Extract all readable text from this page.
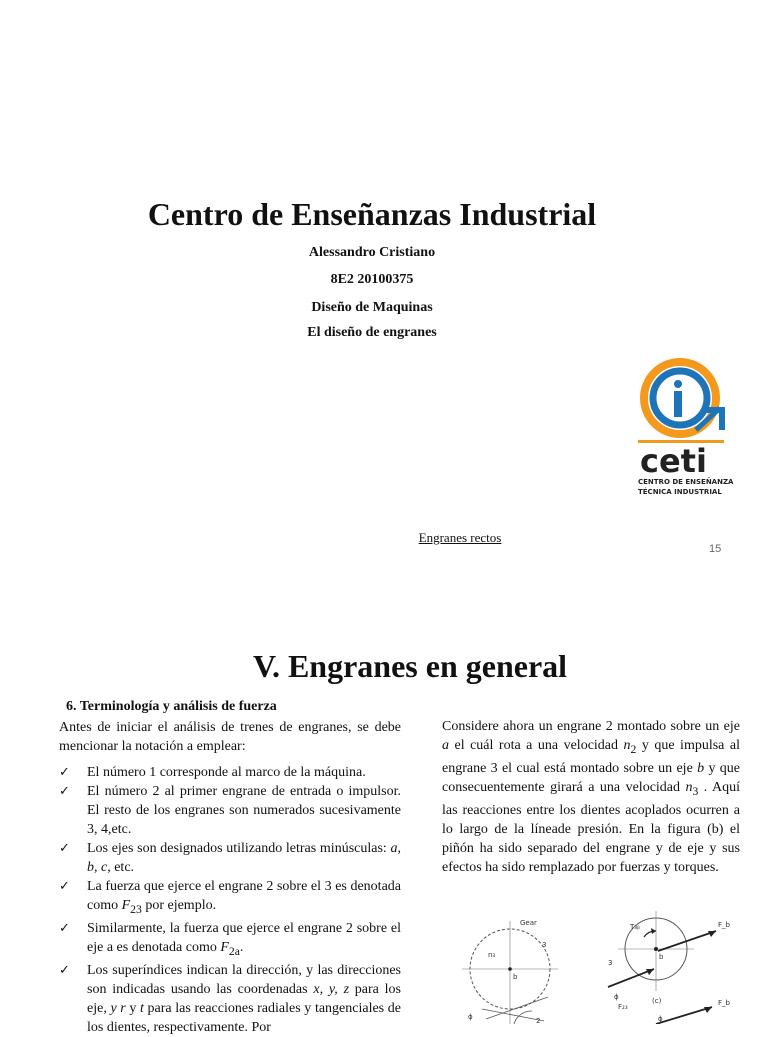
Centro de Enseñanzas Industrial
Alessandro Cristiano
8E2 20100375
Diseño de Maquinas
El diseño de engranes
ceti
CENTRO DE ENSEÑANZA
TÉCNICA INDUSTRIAL
Engranes rectos
15
V. Engranes en general
6. Terminología y análisis de fuerza
Antes de iniciar el análisis de trenes de engranes, se debe mencionar la notación a emplear:
✓ El número 1 corresponde al marco de la máquina.
✓ El número 2 al primer engrane de entrada o impulsor. El resto de los engranes son numerados sucesivamente 3, 4,etc.
✓ Los ejes son designados utilizando letras minúsculas: a, b, c, etc.
✓ La fuerza que ejerce el engrane 2 sobre el 3 es denotada como $F_{23}$ por ejemplo.
✓ Similarmente, la fuerza que ejerce el engrane 2 sobre el eje a es denotada como $F_{2a}$.
✓ Los superíndices indican la dirección, y las direcciones son indicadas usando las coordenadas x, y, z para los eje, y r y t para las reacciones radiales y tangenciales de los dientes, respectivamente. Por
Considere ahora un engrane 2 montado sobre un eje a el cuál rota a una velocidad $n_2$ y que impulsa al engrane 3 el cual está montado sobre un eje b y que consecuentemente girará a una velocidad $n_3$ . Aquí las reacciones entre los dientes acoplados ocurren a lo largo de la líneade presión. En la figura (b) el piñón ha sido separado del engrane y de eje y sus efectos ha sido remplazado por fuerzas y torques.
Gear
3
n₃
b
ϕ	2
T₃ᵦ
3
b
F_b
ϕ
F₂₃
(c)
ϕ
F_b
